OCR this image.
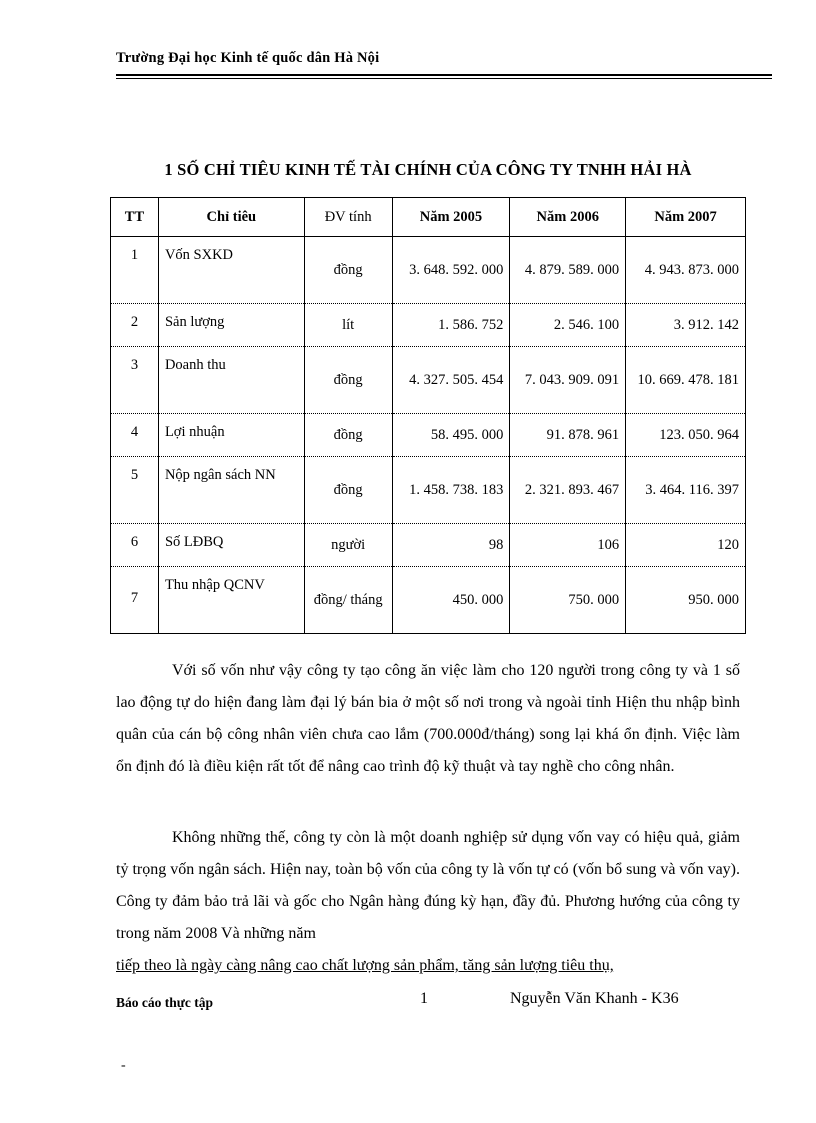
Trường Đại học Kinh tế quốc dân Hà Nội
1 SỐ CHỈ TIÊU KINH TẾ TÀI CHÍNH CỦA CÔNG TY TNHH HẢI HÀ
TT	Chỉ tiêu	ĐV tính	Năm 2005	Năm 2006	Năm 2007
1	Vốn SXKD	đồng	3. 648. 592. 000	4. 879. 589. 000	4. 943. 873. 000
2	Sản lượng	lít	1. 586. 752	2. 546. 100	3. 912. 142
3	Doanh thu	đồng	4. 327. 505. 454	7. 043. 909. 091	10. 669. 478. 181
4	Lợi nhuận	đồng	58. 495. 000	91. 878. 961	123. 050. 964
5	Nộp ngân sách NN	đồng	1. 458. 738. 183	2. 321. 893. 467	3. 464. 116. 397
6	Số LĐBQ	người	98	106	120
7	Thu nhập QCNV	đồng/ tháng	450. 000	750. 000	950. 000
Với số vốn như vậy công ty tạo công ăn việc làm cho 120 người trong công ty và 1 số lao động tự do hiện đang làm đại lý bán bia ở một số nơi trong và ngoài tỉnh Hiện thu nhập bình quân của cán bộ công nhân viên chưa cao lắm (700.000đ/tháng) song lại khá ổn định. Việc làm ổn định đó là điều kiện rất tốt để nâng cao trình độ kỹ thuật và tay nghề cho công nhân.
Không những thế, công ty còn là một doanh nghiệp sử dụng vốn vay có hiệu quả, giảm tỷ trọng vốn ngân sách. Hiện nay, toàn bộ vốn của công ty là vốn tự có (vốn bổ sung và vốn vay). Công ty đảm bảo trả lãi và gốc cho Ngân hàng đúng kỳ hạn, đầy đủ. Phương hướng của công ty trong năm 2008 Và những năm
tiếp theo là ngày càng nâng cao chất lượng sản phẩm, tăng sản lượng tiêu thụ,
Báo cáo thực tập	1	Nguyễn Văn Khanh - K36
-
